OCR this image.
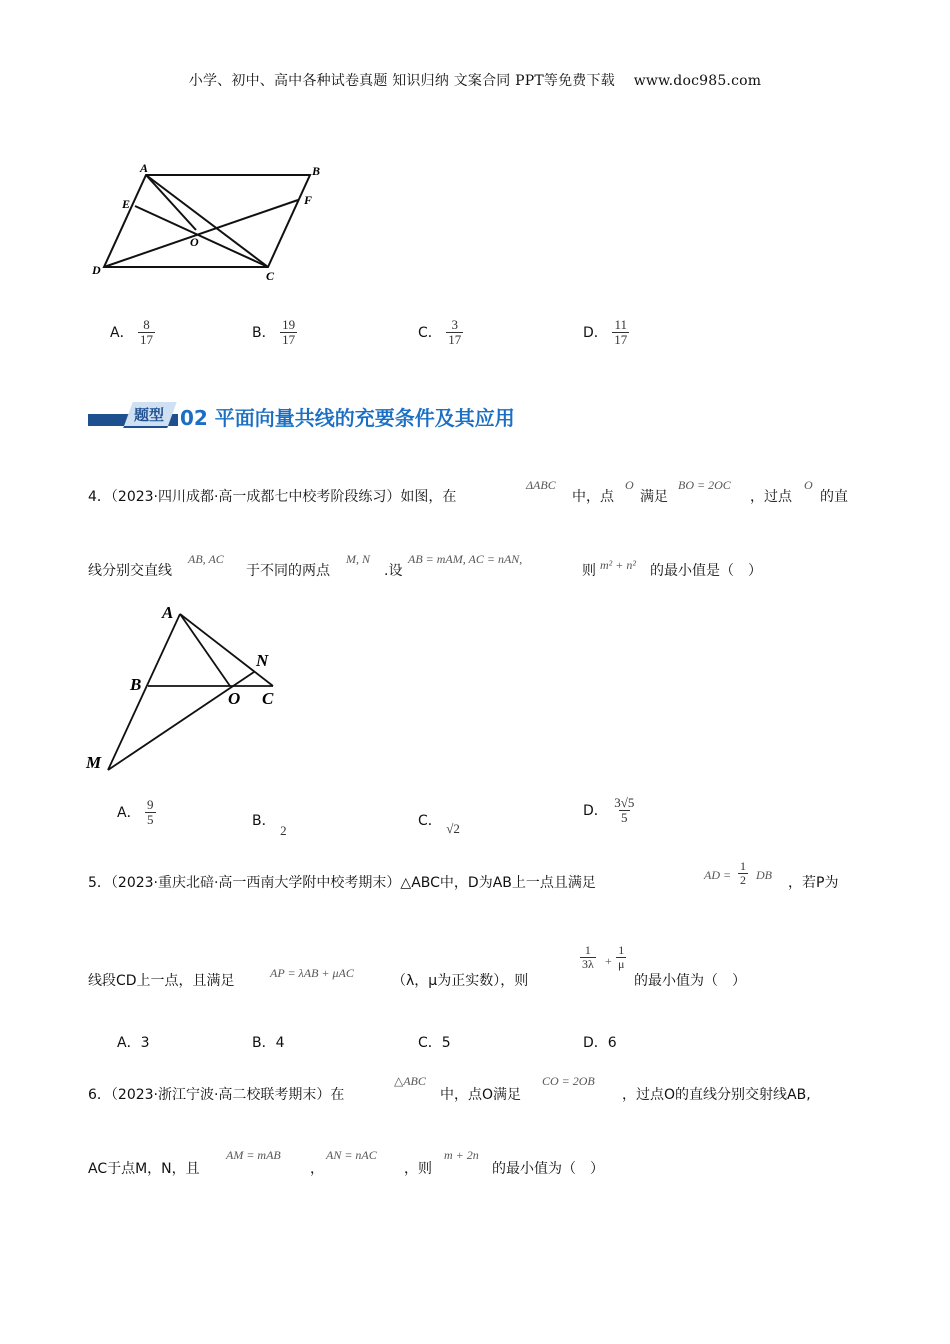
小学、初中、高中各种试卷真题 知识归纳 文案合同 PPT等免费下载　 www.doc985.com
A	B
E	F
O
D	C
A． $\frac{8}{17}$	B． $\frac{19}{17}$	C． $\frac{3}{17}$	D． $\frac{11}{17}$
题型 02 平面向量共线的充要条件及其应用
4．（2023·四川成都·高一成都七中校考阶段练习）如图，在
ΔABC
中，点
O
满足
BO = 2OC
，过点
O
的直
线分别交直线
AB, AC
于不同的两点
M, N
.设
AB = mAM, AC = nAN,
则 m² + n² 的最小值是（　）
A
N
B
O C
M
A． $\frac{9}{5}$	B． 2
C． √2
D． $\frac{3√5}{5}$
5．（2023·重庆北碚·高一西南大学附中校考期末）△ABC中，D为AB上一点且满足	AD = $\frac{1}{2}$ DB ，若P为
线段CD上一点，且满足	AP = λAB + μAC	（λ，μ为正实数），则
$\frac{1}{3\lambda} + \frac{1}{\mu}$
的最小值为（　）
A．3	B．4	C．5	D．6
6．（2023·浙江宁波·高二校联考期末）在
△ABC
中，点O满足
CO = 2OB
，过点O的直线分别交射线AB,
AC于点M，N，且
AM = mAB
，
AN = nAC
，则
m + 2n
的最小值为（　）
